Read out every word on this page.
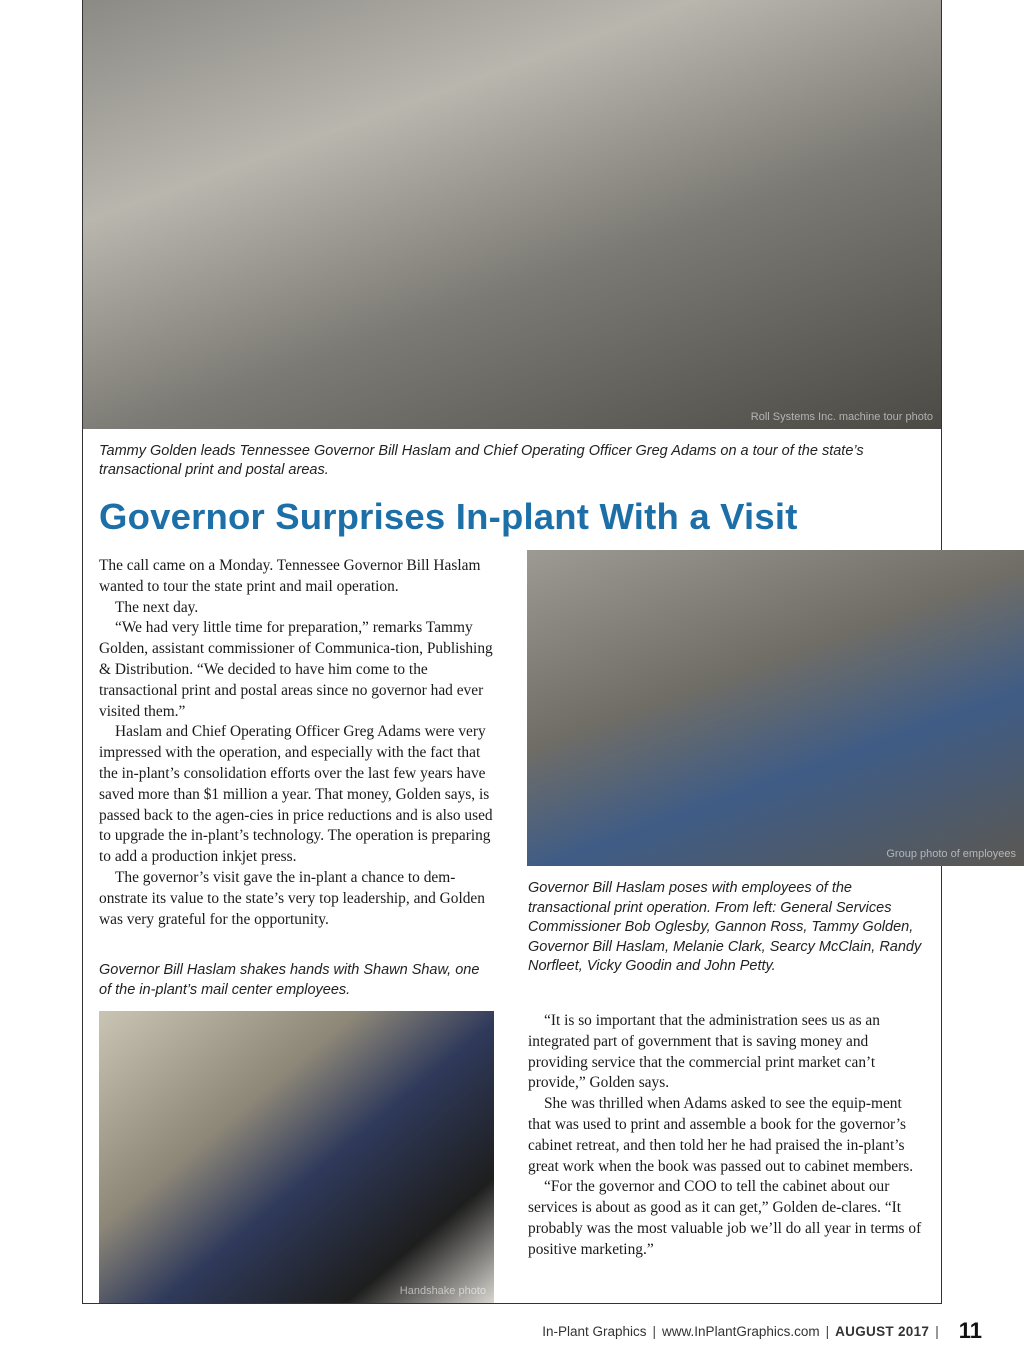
Roll Systems Inc. machine tour photo

Tammy Golden leads Tennessee Governor Bill Haslam and Chief Operating Officer Greg Adams on a tour of the state’s transactional print and postal areas.

Governor Surprises In-plant With a Visit

The call came on a Monday. Tennessee Governor Bill Haslam wanted to tour the state print and mail operation.

The next day.

“We had very little time for preparation,” remarks Tammy Golden, assistant commissioner of Communica-tion, Publishing & Distribution. “We decided to have him come to the transactional print and postal areas since no governor had ever visited them.”

Haslam and Chief Operating Officer Greg Adams were very impressed with the operation, and especially with the fact that the in-plant’s consolidation efforts over the last few years have saved more than $1 million a year. That money, Golden says, is passed back to the agen-cies in price reductions and is also used to upgrade the in-plant’s technology. The operation is preparing to add a production inkjet press.

The governor’s visit gave the in-plant a chance to dem-onstrate its value to the state’s very top leadership, and Golden was very grateful for the opportunity.

Group photo of employees

Governor Bill Haslam poses with employees of the transactional print operation. From left: General Services Commissioner Bob Oglesby, Gannon Ross, Tammy Golden, Governor Bill Haslam, Melanie Clark, Searcy McClain, Randy Norfleet, Vicky Goodin and John Petty.

Governor Bill Haslam shakes hands with Shawn Shaw, one of the in-plant’s mail center employees.

Handshake photo

“It is so important that the administration sees us as an integrated part of government that is saving money and providing service that the commercial print market can’t provide,” Golden says.

She was thrilled when Adams asked to see the equip-ment that was used to print and assemble a book for the governor’s cabinet retreat, and then told her he had praised the in-plant’s great work when the book was passed out to cabinet members.

“For the governor and COO to tell the cabinet about our services is about as good as it can get,” Golden de-clares. “It probably was the most valuable job we’ll do all year in terms of positive marketing.”

In-Plant Graphics | www.InPlantGraphics.com | AUGUST 2017 | 11
